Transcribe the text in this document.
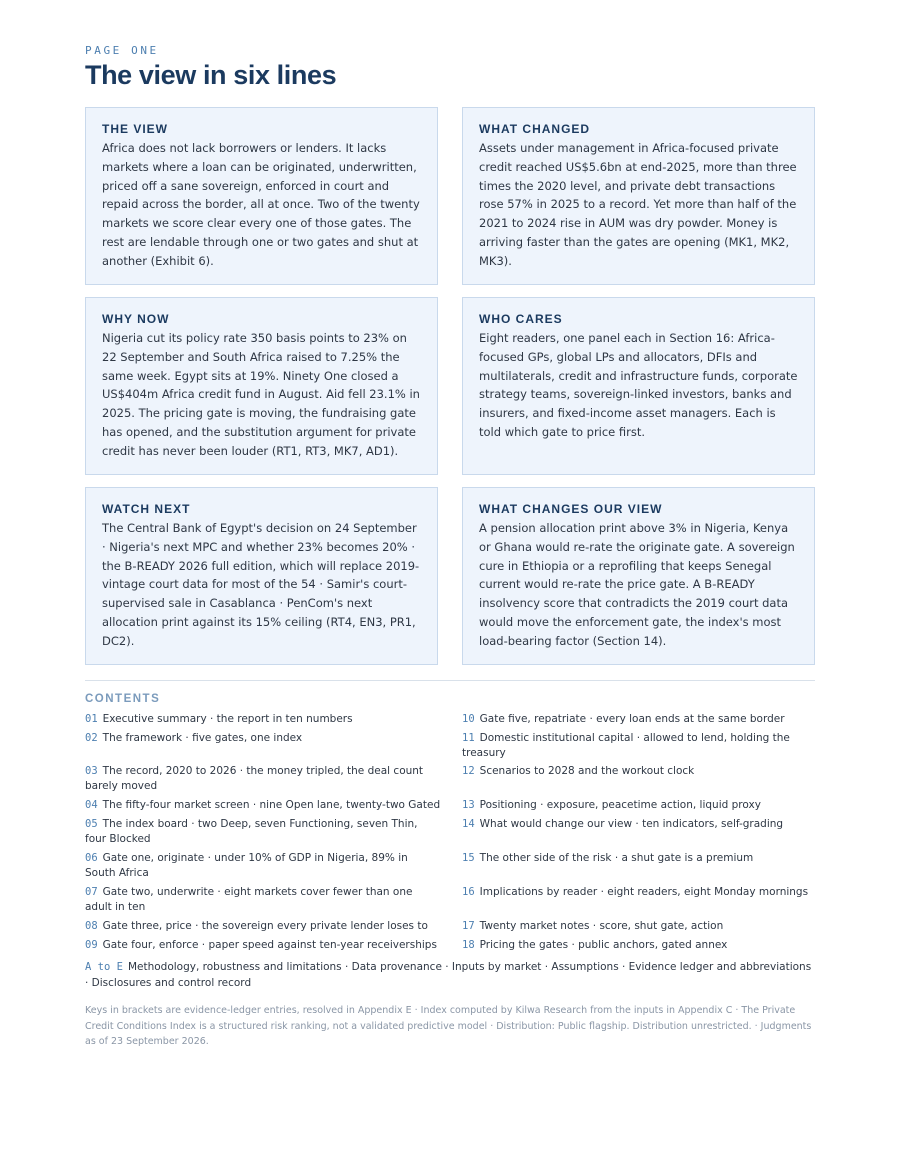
PAGE ONE
The view in six lines
THE VIEW

Africa does not lack borrowers or lenders. It lacks markets where a loan can be originated, underwritten, priced off a sane sovereign, enforced in court and repaid across the border, all at once. Two of the twenty markets we score clear every one of those gates. The rest are lendable through one or two gates and shut at another (Exhibit 6).

WHAT CHANGED

Assets under management in Africa-focused private credit reached US$5.6bn at end-2025, more than three times the 2020 level, and private debt transactions rose 57% in 2025 to a record. Yet more than half of the 2021 to 2024 rise in AUM was dry powder. Money is arriving faster than the gates are opening (MK1, MK2, MK3).

WHY NOW

Nigeria cut its policy rate 350 basis points to 23% on 22 September and South Africa raised to 7.25% the same week. Egypt sits at 19%. Ninety One closed a US$404m Africa credit fund in August. Aid fell 23.1% in 2025. The pricing gate is moving, the fundraising gate has opened, and the substitution argument for private credit has never been louder (RT1, RT3, MK7, AD1).

WHO CARES

Eight readers, one panel each in Section 16: Africa-focused GPs, global LPs and allocators, DFIs and multilaterals, credit and infrastructure funds, corporate strategy teams, sovereign-linked investors, banks and insurers, and fixed-income asset managers. Each is told which gate to price first.

WATCH NEXT

The Central Bank of Egypt's decision on 24 September · Nigeria's next MPC and whether 23% becomes 20% · the B-READY 2026 full edition, which will replace 2019-vintage court data for most of the 54 · Samir's court-supervised sale in Casablanca · PenCom's next allocation print against its 15% ceiling (RT4, EN3, PR1, DC2).

WHAT CHANGES OUR VIEW

A pension allocation print above 3% in Nigeria, Kenya or Ghana would re-rate the originate gate. A sovereign cure in Ethiopia or a reprofiling that keeps Senegal current would re-rate the price gate. A B-READY insolvency score that contradicts the 2019 court data would move the enforcement gate, the index's most load-bearing factor (Section 14).

CONTENTS
01 Executive summary · the report in ten numbers
02 The framework · five gates, one index
03 The record, 2020 to 2026 · the money tripled, the deal count barely moved
04 The fifty-four market screen · nine Open lane, twenty-two Gated
05 The index board · two Deep, seven Functioning, seven Thin, four Blocked
06 Gate one, originate · under 10% of GDP in Nigeria, 89% in South Africa
07 Gate two, underwrite · eight markets cover fewer than one adult in ten
08 Gate three, price · the sovereign every private lender loses to
09 Gate four, enforce · paper speed against ten-year receiverships
10 Gate five, repatriate · every loan ends at the same border
11 Domestic institutional capital · allowed to lend, holding the treasury
12 Scenarios to 2028 and the workout clock
13 Positioning · exposure, peacetime action, liquid proxy
14 What would change our view · ten indicators, self-grading
15 The other side of the risk · a shut gate is a premium
16 Implications by reader · eight readers, eight Monday mornings
17 Twenty market notes · score, shut gate, action
18 Pricing the gates · public anchors, gated annex
A to E Methodology, robustness and limitations · Data provenance · Inputs by market · Assumptions · Evidence ledger and abbreviations · Disclosures and control record
Keys in brackets are evidence-ledger entries, resolved in Appendix E · Index computed by Kilwa Research from the inputs in Appendix C · The Private Credit Conditions Index is a structured risk ranking, not a validated predictive model · Distribution: Public flagship. Distribution unrestricted. · Judgments as of 23 September 2026.
